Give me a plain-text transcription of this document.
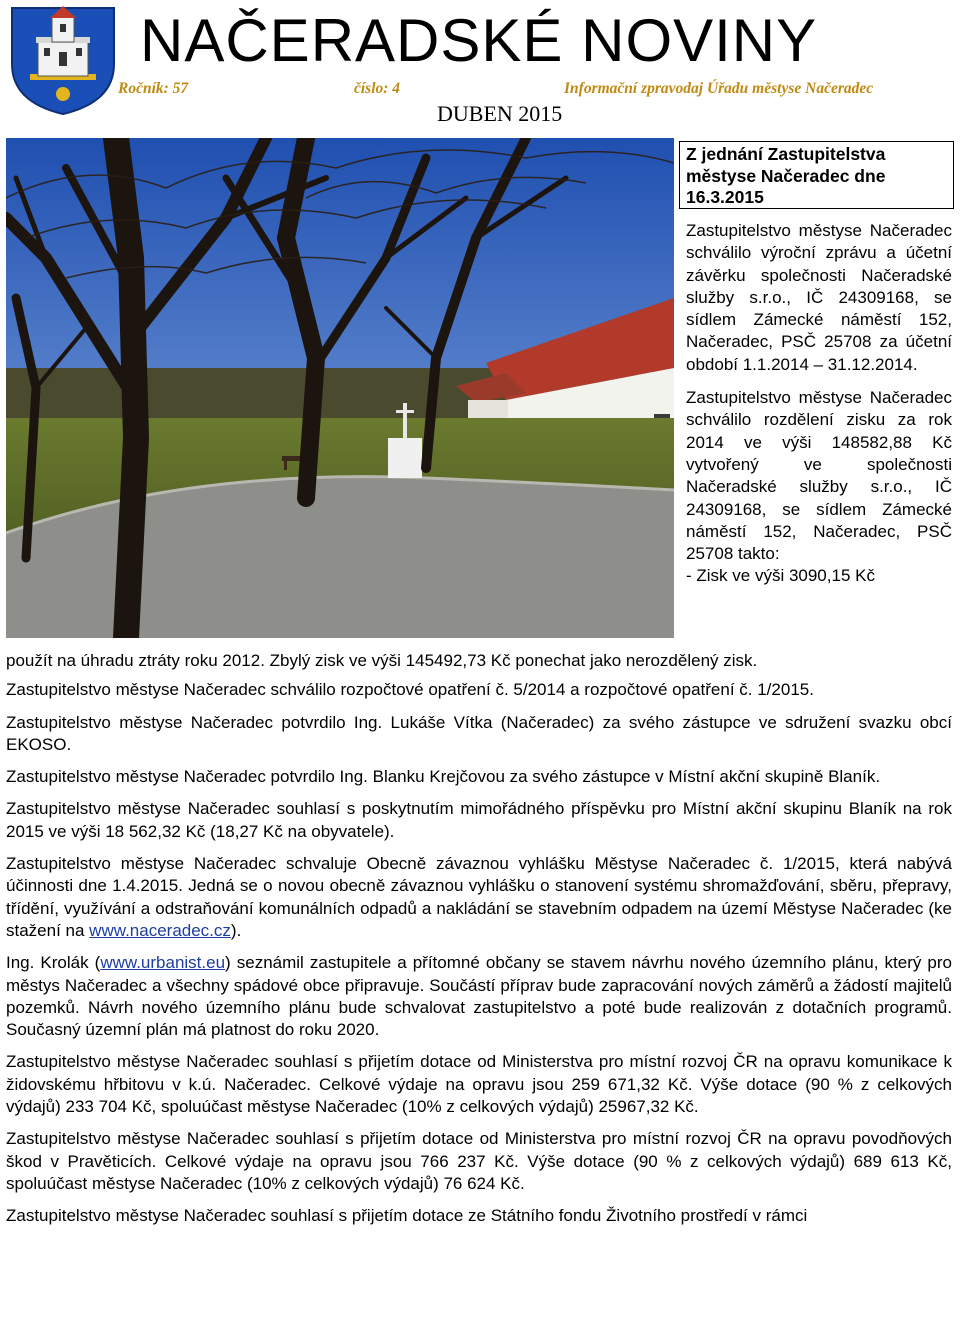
NAČERADSKÉ NOVINY
Ročník: 57	číslo: 4	Informační zpravodaj Úřadu městyse Načeradec
DUBEN 2015
Z jednání Zastupitelstva
městyse Načeradec dne
16.3.2015

Zastupitelstvo městyse Načeradec schválilo výroční zprávu a účetní závěrku společnosti Načeradské služby s.r.o., IČ 24309168, se sídlem Zámecké náměstí 152, Načeradec, PSČ 25708 za účetní období 1.1.2014 – 31.12.2014.

Zastupitelstvo městyse Načeradec schválilo rozdělení zisku za rok 2014 ve výši 148582,88 Kč vytvořený ve společnosti Načeradské služby s.r.o., IČ 24309168, se sídlem Zámecké náměstí 152, Načeradec, PSČ 25708 takto:

- Zisk ve výši 3090,15 Kč

použít na úhradu ztráty roku 2012. Zbylý zisk ve výši 145492,73 Kč ponechat jako nerozdělený zisk.

Zastupitelstvo městyse Načeradec schválilo rozpočtové opatření č. 5/2014 a rozpočtové opatření č. 1/2015.

Zastupitelstvo městyse Načeradec potvrdilo Ing. Lukáše Vítka (Načeradec) za svého zástupce ve sdružení svazku obcí EKOSO.

Zastupitelstvo městyse Načeradec potvrdilo Ing. Blanku Krejčovou za svého zástupce v Místní akční skupině Blaník.

Zastupitelstvo městyse Načeradec souhlasí s poskytnutím mimořádného příspěvku pro Místní akční skupinu Blaník na rok 2015 ve výši 18 562,32 Kč (18,27 Kč na obyvatele).

Zastupitelstvo městyse Načeradec schvaluje Obecně závaznou vyhlášku Městyse Načeradec č. 1/2015, která nabývá účinnosti dne 1.4.2015. Jedná se o novou obecně závaznou vyhlášku o stanovení systému shromažďování, sběru, přepravy, třídění, využívání a odstraňování komunálních odpadů a nakládání se stavebním odpadem na území Městyse Načeradec (ke stažení na www.naceradec.cz).

Ing. Krolák (www.urbanist.eu) seznámil zastupitele a přítomné občany se stavem návrhu nového územního plánu, který pro městys Načeradec a všechny spádové obce připravuje. Součástí příprav bude zapracování nových záměrů a žádostí majitelů pozemků. Návrh nového územního plánu bude schvalovat zastupitelstvo a poté bude realizován z dotačních programů. Současný územní plán má platnost do roku 2020.

Zastupitelstvo městyse Načeradec souhlasí s přijetím dotace od Ministerstva pro místní rozvoj ČR na opravu komunikace k židovskému hřbitovu v k.ú. Načeradec. Celkové výdaje na opravu jsou 259 671,32 Kč. Výše dotace (90 % z celkových výdajů) 233 704 Kč, spoluúčast městyse Načeradec (10% z celkových výdajů) 25967,32 Kč.

Zastupitelstvo městyse Načeradec souhlasí s přijetím dotace od Ministerstva pro místní rozvoj ČR na opravu povodňových škod v Pravěticích. Celkové výdaje na opravu jsou 766 237 Kč. Výše dotace (90 % z celkových výdajů) 689 613 Kč, spoluúčast městyse Načeradec (10% z celkových výdajů) 76 624 Kč.

Zastupitelstvo městyse Načeradec souhlasí s přijetím dotace ze Státního fondu Životního prostředí v rámci
